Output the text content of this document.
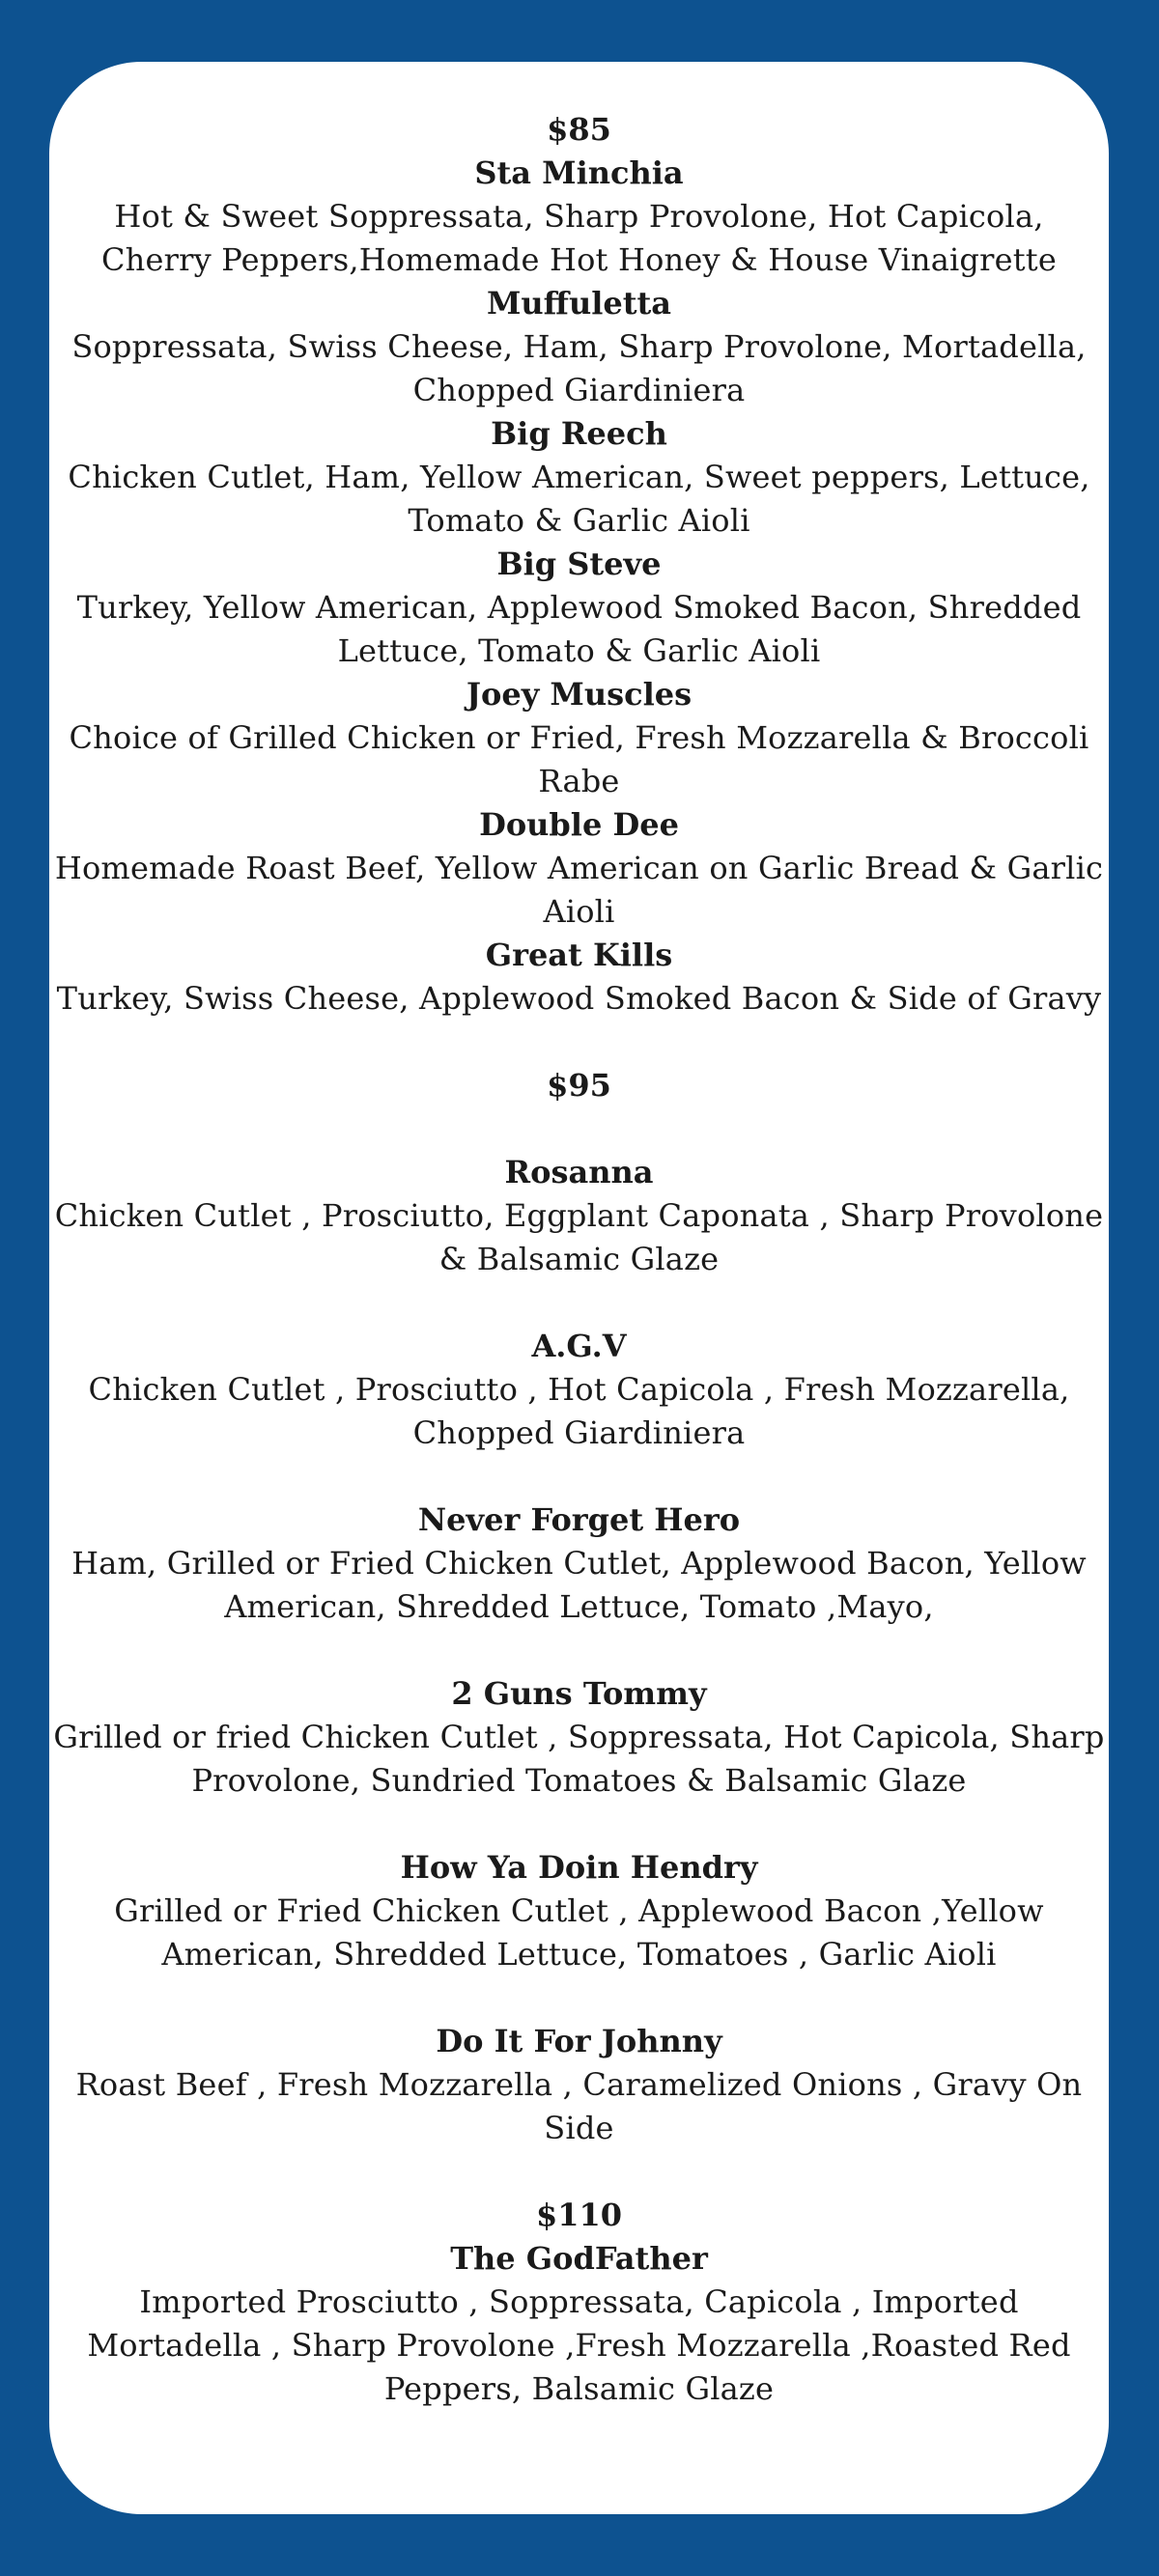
$85

Sta Minchia

Hot & Sweet Soppressata, Sharp Provolone, Hot Capicola, Cherry Peppers,Homemade Hot Honey & House Vinaigrette

Muffuletta

Soppressata, Swiss Cheese, Ham, Sharp Provolone, Mortadella, Chopped Giardiniera

Big Reech

Chicken Cutlet, Ham, Yellow American, Sweet peppers, Lettuce, Tomato & Garlic Aioli

Big Steve

Turkey, Yellow American, Applewood Smoked Bacon, Shredded Lettuce, Tomato & Garlic Aioli

Joey Muscles

Choice of Grilled Chicken or Fried, Fresh Mozzarella & Broccoli Rabe

Double Dee

Homemade Roast Beef, Yellow American on Garlic Bread & Garlic Aioli

Great Kills

Turkey, Swiss Cheese, Applewood Smoked Bacon & Side of Gravy

$95

Rosanna

Chicken Cutlet , Prosciutto, Eggplant Caponata , Sharp Provolone & Balsamic Glaze

A.G.V

Chicken Cutlet , Prosciutto , Hot Capicola , Fresh Mozzarella, Chopped Giardiniera

Never Forget Hero

Ham, Grilled or Fried Chicken Cutlet, Applewood Bacon, Yellow American, Shredded Lettuce, Tomato ,Mayo,

2 Guns Tommy

Grilled or fried Chicken Cutlet , Soppressata, Hot Capicola, Sharp Provolone, Sundried Tomatoes & Balsamic Glaze

How Ya Doin Hendry

Grilled or Fried Chicken Cutlet , Applewood Bacon ,Yellow American, Shredded Lettuce, Tomatoes , Garlic Aioli

Do It For Johnny

Roast Beef , Fresh Mozzarella , Caramelized Onions , Gravy On Side

$110

The GodFather

Imported Prosciutto , Soppressata, Capicola , Imported Mortadella , Sharp Provolone ,Fresh Mozzarella ,Roasted Red Peppers, Balsamic Glaze
